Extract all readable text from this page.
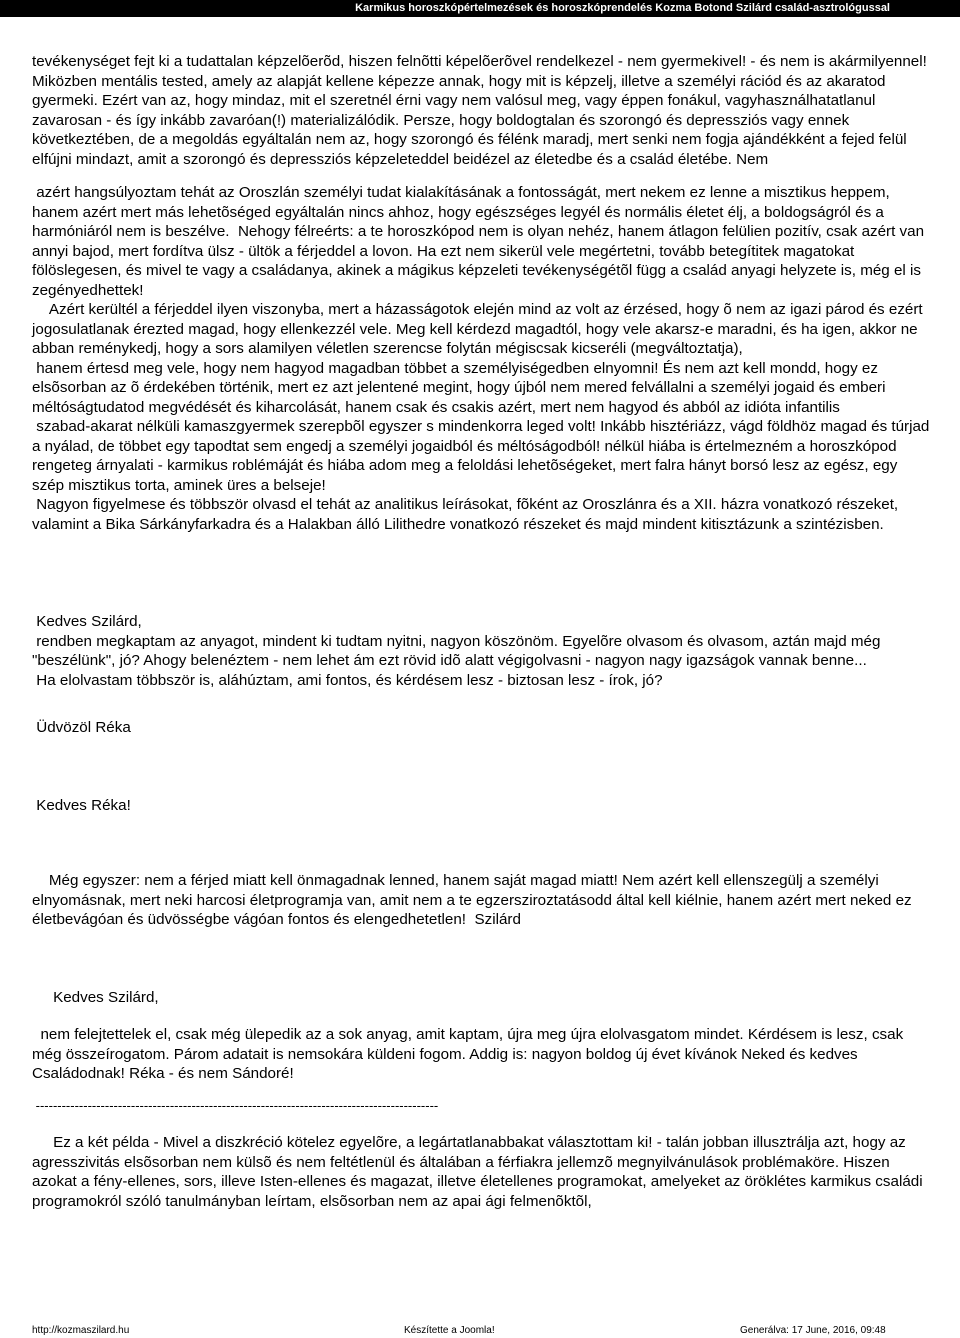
Karmikus horoszkópértelmezések és horoszkóprendelés Kozma Botond Szilárd család-asztrológussal

tevékenységet fejt ki a tudattalan képzelõerõd, hiszen felnõtti képelõerõvel rendelkezel - nem gyermekivel! - és nem is akármilyennel! Miközben mentális tested, amely az alapját kellene képezze annak, hogy mit is képzelj, illetve a személyi rációd és az akaratod gyermeki. Ezért van az, hogy mindaz, mit el szeretnél érni vagy nem valósul meg, vagy éppen fonákul, vagyhasználhatatlanul zavarosan - és így inkább zavaróan(!) materializálódik. Persze, hogy boldogtalan és szorongó és depressziós vagy ennek következtében, de a megoldás egyáltalán nem az, hogy szorongó és félénk maradj, mert senki nem fogja ajándékként a fejed felül elfújni mindazt, amit a szorongó és depressziós képzeleteddel beidézel az életedbe és a család életébe. Nem

azért hangsúlyoztam tehát az Oroszlán személyi tudat kialakításának a fontosságát, mert nekem ez lenne a misztikus heppem, hanem azért mert más lehetõséged egyáltalán nincs ahhoz, hogy egészséges legyél és normális életet élj, a boldogságról és a harmóniáról nem is beszélve.  Nehogy félreérts: a te horoszkópod nem is olyan nehéz, hanem átlagon felülien pozitív, csak azért van annyi bajod, mert fordítva ülsz - ültök a férjeddel a lovon. Ha ezt nem sikerül vele megértetni, tovább betegítitek magatokat fölöslegesen, és mivel te vagy a családanya, akinek a mágikus képzeleti tevékenységétõl függ a család anyagi helyzete is, még el is zegényedhettek!

Azért kerültél a férjeddel ilyen viszonyba, mert a házasságotok elején mind az volt az érzésed, hogy õ nem az igazi párod és ezért jogosulatlanak érezted magad, hogy ellenkezzél vele. Meg kell kérdezd magadtól, hogy vele akarsz-e maradni, és ha igen, akkor ne abban reménykedj, hogy a sors alamilyen véletlen szerencse folytán mégiscsak kicseréli (megváltoztatja),

hanem értesd meg vele, hogy nem hagyod magadban többet a személyiségedben elnyomni! És nem azt kell mondd, hogy ez elsõsorban az õ érdekében történik, mert ez azt jelentené megint, hogy újból nem mered felvállalni a személyi jogaid és emberi méltóságtudatod megvédését és kiharcolását, hanem csak és csakis azért, mert nem hagyod és abból az idióta infantilis

szabad-akarat nélküli kamaszgyermek szerepbõl egyszer s mindenkorra leged volt! Inkább hisztériázz, vágd földhöz magad és túrjad a nyálad, de többet egy tapodtat sem engedj a személyi jogaidból és méltóságodból! nélkül hiába is értelmezném a horoszkópod rengeteg árnyalati - karmikus roblémáját és hiába adom meg a feloldási lehetõségeket, mert falra hányt borsó lesz az egész, egy szép misztikus torta, aminek üres a belseje!

Nagyon figyelmese és többször olvasd el tehát az analitikus leírásokat, fõként az Oroszlánra és a XII. házra vonatkozó részeket, valamint a Bika Sárkányfarkadra és a Halakban álló Lilithedre vonatkozó részeket és majd mindent kitisztázunk a szintézisben.

Kedves Szilárd,

rendben megkaptam az anyagot, mindent ki tudtam nyitni, nagyon köszönöm. Egyelõre olvasom és olvasom, aztán majd még "beszélünk", jó? Ahogy belenéztem - nem lehet ám ezt rövid idõ alatt végigolvasni - nagyon nagy igazságok vannak benne...

Ha elolvastam többször is, aláhúztam, ami fontos, és kérdésem lesz - biztosan lesz - írok, jó?

Üdvözöl Réka

Kedves Réka!

Még egyszer: nem a férjed miatt kell önmagadnak lenned, hanem saját magad miatt! Nem azért kell ellenszegülj a személyi elnyomásnak, mert neki harcosi életprogramja van, amit nem a te egzersziroztatásodd által kell kiélnie, hanem azért mert neked ez életbevágóan és üdvösségbe vágóan fontos és elengedhetetlen!  Szilárd

Kedves Szilárd,

nem felejtettelek el, csak még ülepedik az a sok anyag, amit kaptam, újra meg újra elolvasgatom mindet. Kérdésem is lesz, csak még összeírogatom. Párom adatait is nemsokára küldeni fogom. Addig is: nagyon boldog új évet kívánok Neked és kedves Családodnak! Réka - és nem Sándoré!

---------------------------------------------------------------------------------------------

Ez a két példa - Mivel a diszkréció kötelez egyelõre, a legártatlanabbakat választottam ki! - talán jobban illusztrálja azt, hogy az agresszivitás elsõsorban nem külsõ és nem feltétlenül és általában a férfiakra jellemzõ megnyilvánulások problémaköre. Hiszen azokat a fény-ellenes, sors, illeve Isten-ellenes és magazat, illetve életellenes programokat, amelyeket az öröklétes karmikus családi programokról szóló tanulmányban leírtam, elsõsorban nem az apai ági felmenõktõl,

http://kozmaszilard.hu	Készítette a Joomla!	Generálva: 17 June, 2016, 09:48
